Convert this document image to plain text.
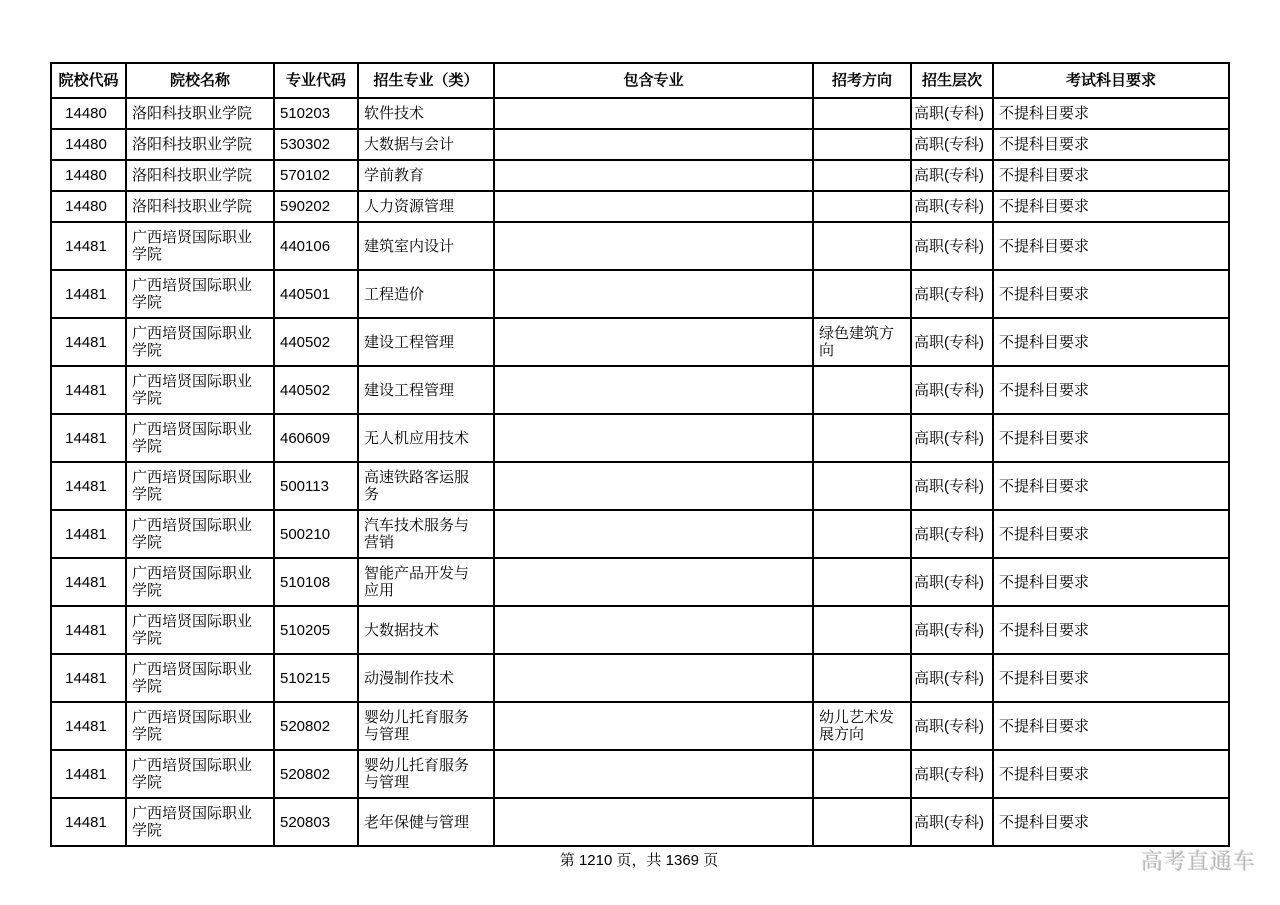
院校代码	院校名称	专业代码	招生专业（类）	包含专业	招考方向	招生层次	考试科目要求
14480	洛阳科技职业学院	510203	软件技术			高职(专科)	不提科目要求
14480	洛阳科技职业学院	530302	大数据与会计			高职(专科)	不提科目要求
14480	洛阳科技职业学院	570102	学前教育			高职(专科)	不提科目要求
14480	洛阳科技职业学院	590202	人力资源管理			高职(专科)	不提科目要求
14481	广西培贤国际职业学院	440106	建筑室内设计			高职(专科)	不提科目要求
14481	广西培贤国际职业学院	440501	工程造价			高职(专科)	不提科目要求
14481	广西培贤国际职业学院	440502	建设工程管理		绿色建筑方向	高职(专科)	不提科目要求
14481	广西培贤国际职业学院	440502	建设工程管理			高职(专科)	不提科目要求
14481	广西培贤国际职业学院	460609	无人机应用技术			高职(专科)	不提科目要求
14481	广西培贤国际职业学院	500113	高速铁路客运服务			高职(专科)	不提科目要求
14481	广西培贤国际职业学院	500210	汽车技术服务与营销			高职(专科)	不提科目要求
14481	广西培贤国际职业学院	510108	智能产品开发与应用			高职(专科)	不提科目要求
14481	广西培贤国际职业学院	510205	大数据技术			高职(专科)	不提科目要求
14481	广西培贤国际职业学院	510215	动漫制作技术			高职(专科)	不提科目要求
14481	广西培贤国际职业学院	520802	婴幼儿托育服务与管理		幼儿艺术发展方向	高职(专科)	不提科目要求
14481	广西培贤国际职业学院	520802	婴幼儿托育服务与管理			高职(专科)	不提科目要求
14481	广西培贤国际职业学院	520803	老年保健与管理			高职(专科)	不提科目要求
第 1210 页，共 1369 页	高考直通车
